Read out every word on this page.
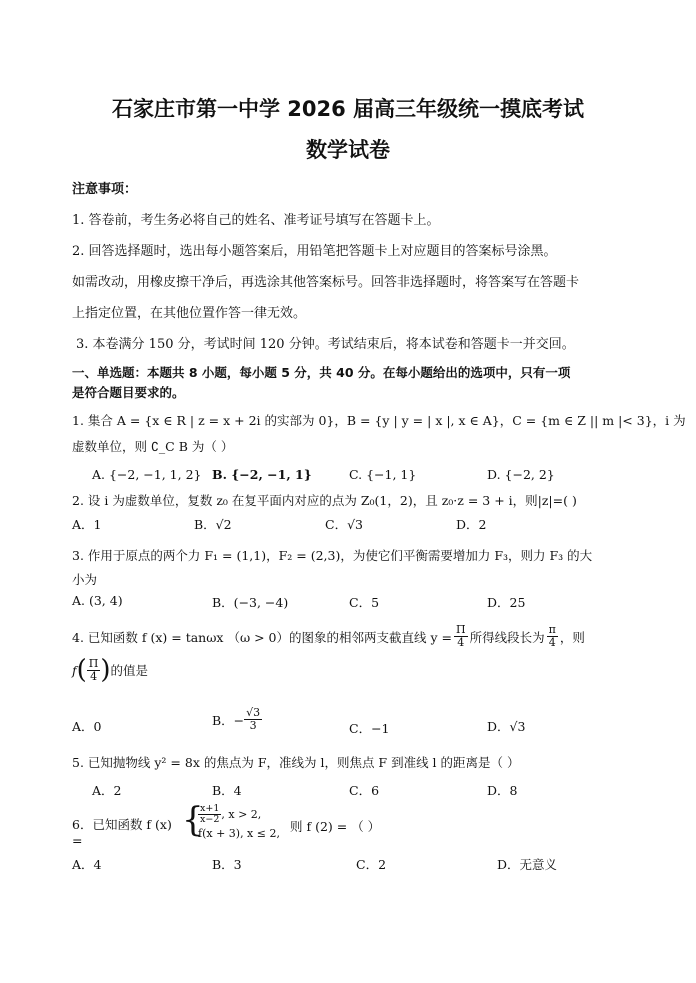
石家庄市第一中学 2026 届高三年级统一摸底考试
数学试卷
注意事项：
1. 答卷前，考生务必将自己的姓名、准考证号填写在答题卡上。
2. 回答选择题时，选出每小题答案后，用铅笔把答题卡上对应题目的答案标号涂黑。
如需改动，用橡皮擦干净后，再选涂其他答案标号。回答非选择题时，将答案写在答题卡
上指定位置，在其他位置作答一律无效。
3. 本卷满分 150 分，考试时间 120 分钟。考试结束后，将本试卷和答题卡一并交回。
一、单选题：本题共 8 小题，每小题 5 分，共 40 分。在每小题给出的选项中，只有一项
是符合题目要求的。
1. 集合 A = {x ∈ R | z = x + 2i 的实部为 0}，B = {y | y = | x |, x ∈ A}，C = {m ∈ Z || m |< 3}，i 为
虚数单位，则 ∁_C B 为（ ）
A. {−2, −1, 1, 2} B. {−2, −1, 1}	C. {−1, 1}	D. {−2, 2}
2. 设 i 为虚数单位，复数 z₀ 在复平面内对应的点为 Z₀(1，2)，且 z₀·z = 3 + i，则|z|=( )
A．1	B．√2	C．√3	D．2
3. 作用于原点的两个力 F₁ = (1,1)，F₂ = (2,3)，为使它们平衡需要增加力 F₃，则力 F₃ 的大
小为
A. (3, 4)	B．(−3, −4)	C．5	D．25
4. 已知函数 f (x) = tanωx （ω > 0）的图象的相邻两支截直线 $y = \frac{\Pi}{4}$ 所得线段长为 $\frac{\pi}{4}$ ，则
f ( $\frac{\Pi}{4}$ ) 的值是
A．0	B．− $\frac{√3}{3}$	C．−1	D．√3
5. 已知抛物线 y² = 8x 的焦点为 F，准线为 l，则焦点 F 到准线 l 的距离是（ ）
A．2	B．4	C．6	D．8
6．已知函数 f (x)
=
{
$\frac{x+1}{x-2}$ , x > 2,
f(x + 3), x ≤ 2, 则 f (2) = （ ）
A．4	B．3	C．2	D．无意义
